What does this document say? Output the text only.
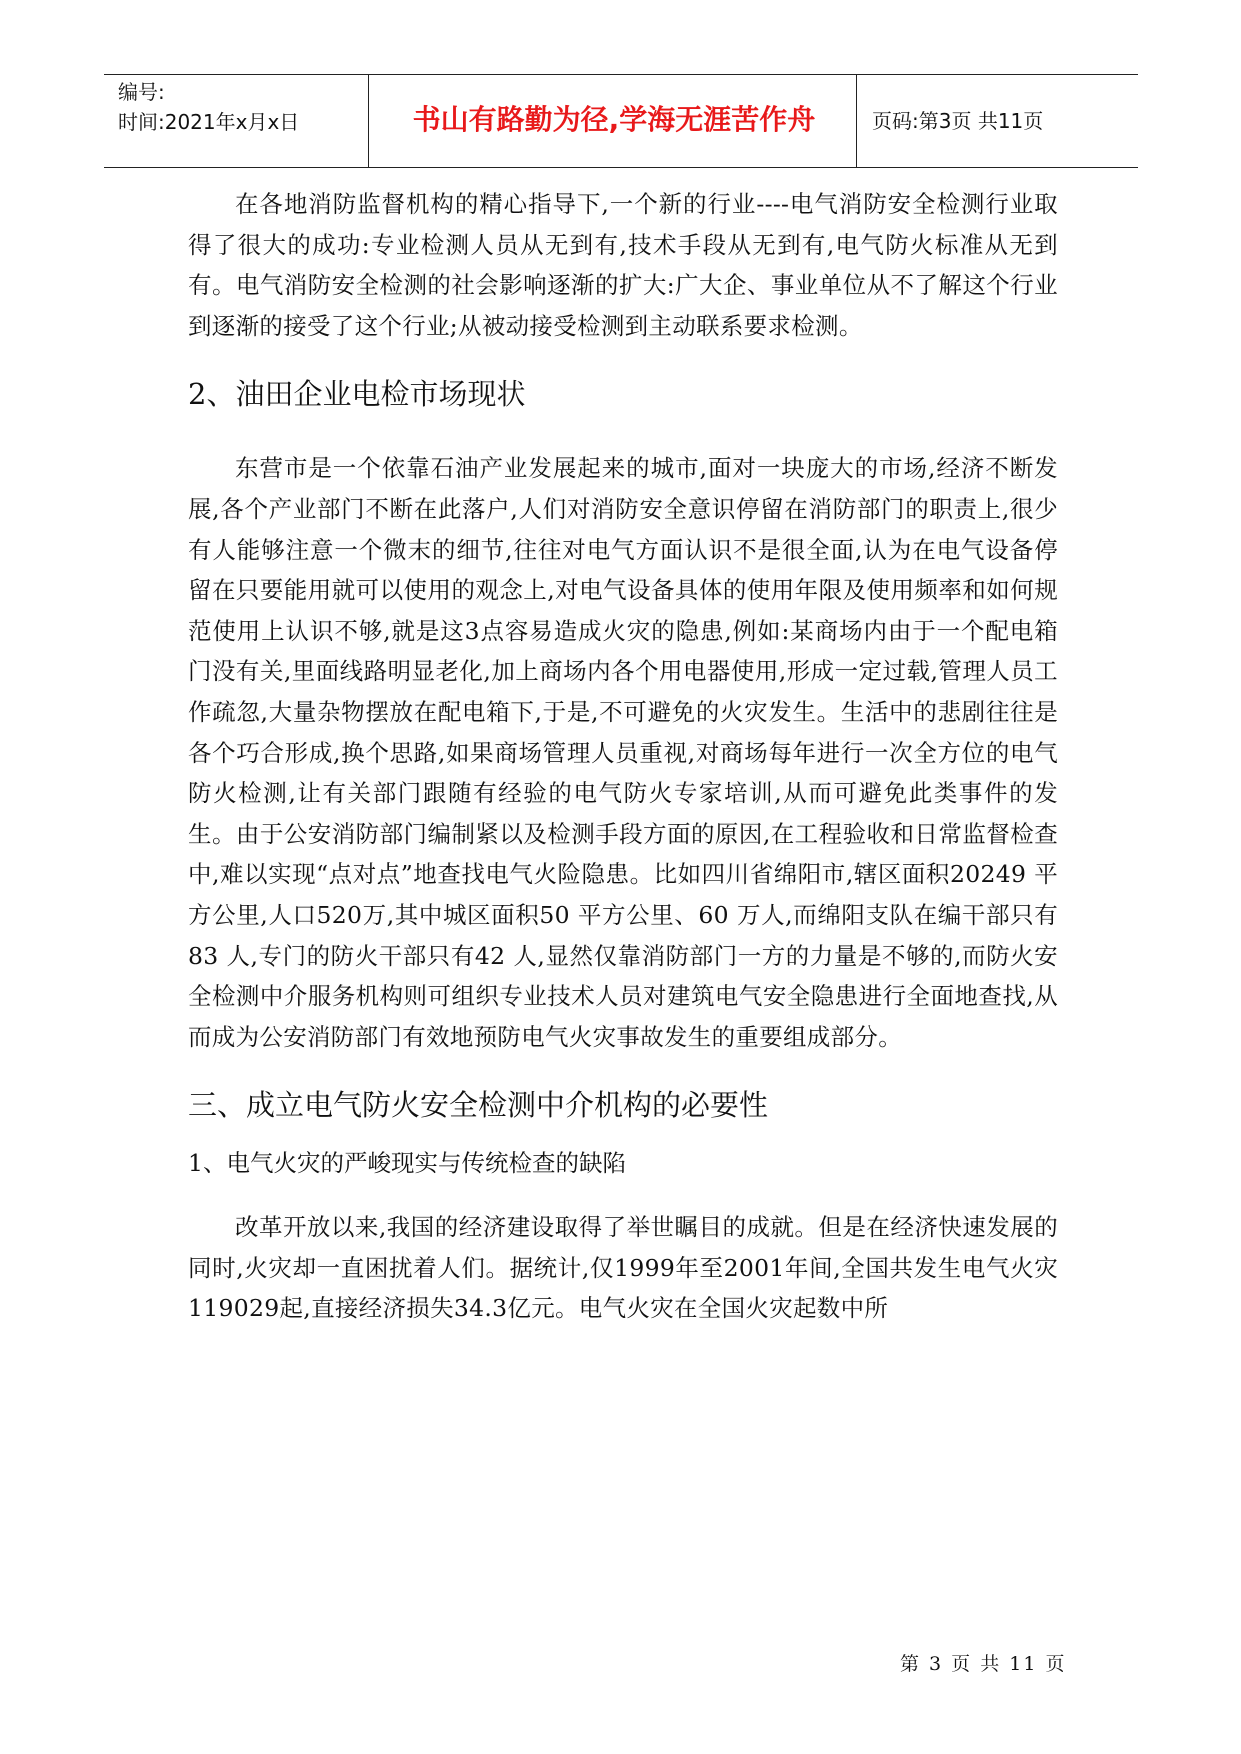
编号:
时间:2021年x月x日	书山有路勤为径,学海无涯苦作舟	页码:第3页 共11页

在各地消防监督机构的精心指导下,一个新的行业----电气消防安全检测行业取得了很大的成功:专业检测人员从无到有,技术手段从无到有,电气防火标准从无到有。电气消防安全检测的社会影响逐渐的扩大:广大企、事业单位从不了解这个行业到逐渐的接受了这个行业;从被动接受检测到主动联系要求检测。

2、油田企业电检市场现状

东营市是一个依靠石油产业发展起来的城市,面对一块庞大的市场,经济不断发展,各个产业部门不断在此落户,人们对消防安全意识停留在消防部门的职责上,很少有人能够注意一个微末的细节,往往对电气方面认识不是很全面,认为在电气设备停留在只要能用就可以使用的观念上,对电气设备具体的使用年限及使用频率和如何规范使用上认识不够,就是这3点容易造成火灾的隐患,例如:某商场内由于一个配电箱门没有关,里面线路明显老化,加上商场内各个用电器使用,形成一定过载,管理人员工作疏忽,大量杂物摆放在配电箱下,于是,不可避免的火灾发生。生活中的悲剧往往是各个巧合形成,换个思路,如果商场管理人员重视,对商场每年进行一次全方位的电气防火检测,让有关部门跟随有经验的电气防火专家培训,从而可避免此类事件的发生。由于公安消防部门编制紧以及检测手段方面的原因,在工程验收和日常监督检查中,难以实现“点对点”地查找电气火险隐患。比如四川省绵阳市,辖区面积20249 平方公里,人口520万,其中城区面积50 平方公里、60 万人,而绵阳支队在编干部只有83 人,专门的防火干部只有42 人,显然仅靠消防部门一方的力量是不够的,而防火安全检测中介服务机构则可组织专业技术人员对建筑电气安全隐患进行全面地查找,从而成为公安消防部门有效地预防电气火灾事故发生的重要组成部分。

三、成立电气防火安全检测中介机构的必要性
1、电气火灾的严峻现实与传统检查的缺陷

改革开放以来,我国的经济建设取得了举世瞩目的成就。但是在经济快速发展的同时,火灾却一直困扰着人们。据统计,仅1999年至2001年间,全国共发生电气火灾119029起,直接经济损失34.3亿元。电气火灾在全国火灾起数中所

第 3 页 共 11 页
